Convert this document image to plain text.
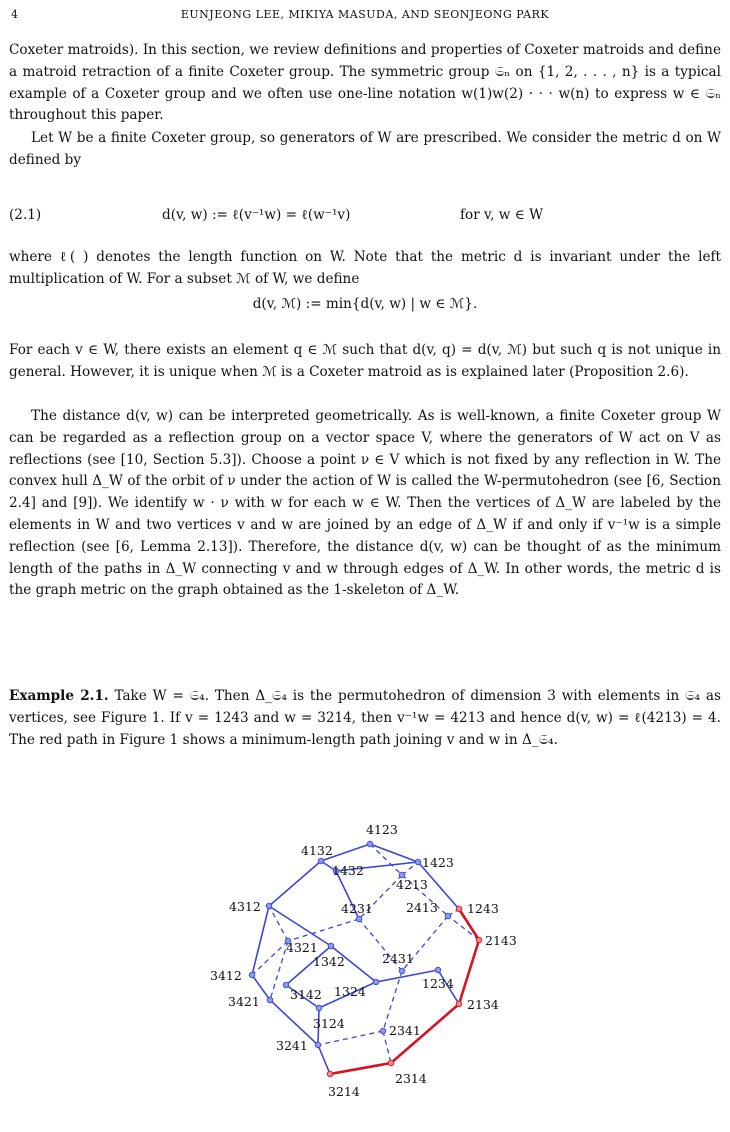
4	EUNJEONG LEE, MIKIYA MASUDA, AND SEONJEONG PARK

Coxeter matroids). In this section, we review definitions and properties of Coxeter matroids and define a matroid retraction of a finite Coxeter group. The symmetric group 𝔖ₙ on {1, 2, . . . , n} is a typical example of a Coxeter group and we often use one-line notation w(1)w(2) · · · w(n) to express w ∈ 𝔖ₙ throughout this paper.

Let W be a finite Coxeter group, so generators of W are prescribed. We consider the metric d on W defined by

(2.1)	d(v, w) := ℓ(v⁻¹w) = ℓ(w⁻¹v)	for v, w ∈ W

where ℓ( ) denotes the length function on W. Note that the metric d is invariant under the left multiplication of W. For a subset ℳ of W, we define

d(v, ℳ) := min{d(v, w) | w ∈ ℳ}.

For each v ∈ W, there exists an element q ∈ ℳ such that d(v, q) = d(v, ℳ) but such q is not unique in general. However, it is unique when ℳ is a Coxeter matroid as is explained later (Proposition 2.6).

The distance d(v, w) can be interpreted geometrically. As is well-known, a finite Coxeter group W can be regarded as a reflection group on a vector space V, where the generators of W act on V as reflections (see [10, Section 5.3]). Choose a point ν ∈ V which is not fixed by any reflection in W. The convex hull Δ_W of the orbit of ν under the action of W is called the W-permutohedron (see [6, Section 2.4] and [9]). We identify w · ν with w for each w ∈ W. Then the vertices of Δ_W are labeled by the elements in W and two vertices v and w are joined by an edge of Δ_W if and only if v⁻¹w is a simple reflection (see [6, Lemma 2.13]). Therefore, the distance d(v, w) can be thought of as the minimum length of the paths in Δ_W connecting v and w through edges of Δ_W. In other words, the metric d is the graph metric on the graph obtained as the 1-skeleton of Δ_W.

Example 2.1. Take W = 𝔖₄. Then Δ_𝔖₄ is the permutohedron of dimension 3 with elements in 𝔖₄ as vertices, see Figure 1. If v = 1243 and w = 3214, then v⁻¹w = 4213 and hence d(v, w) = ℓ(4213) = 4. The red path in Figure 1 shows a minimum-length path joining v and w in Δ_𝔖₄.

4123
4132
1432
1423
4312	4231
4213
2413 1243
2143
4321
2431
3412
1342
3142 1324
1234
3421
3124
2134
2341
3241
2314
3214
